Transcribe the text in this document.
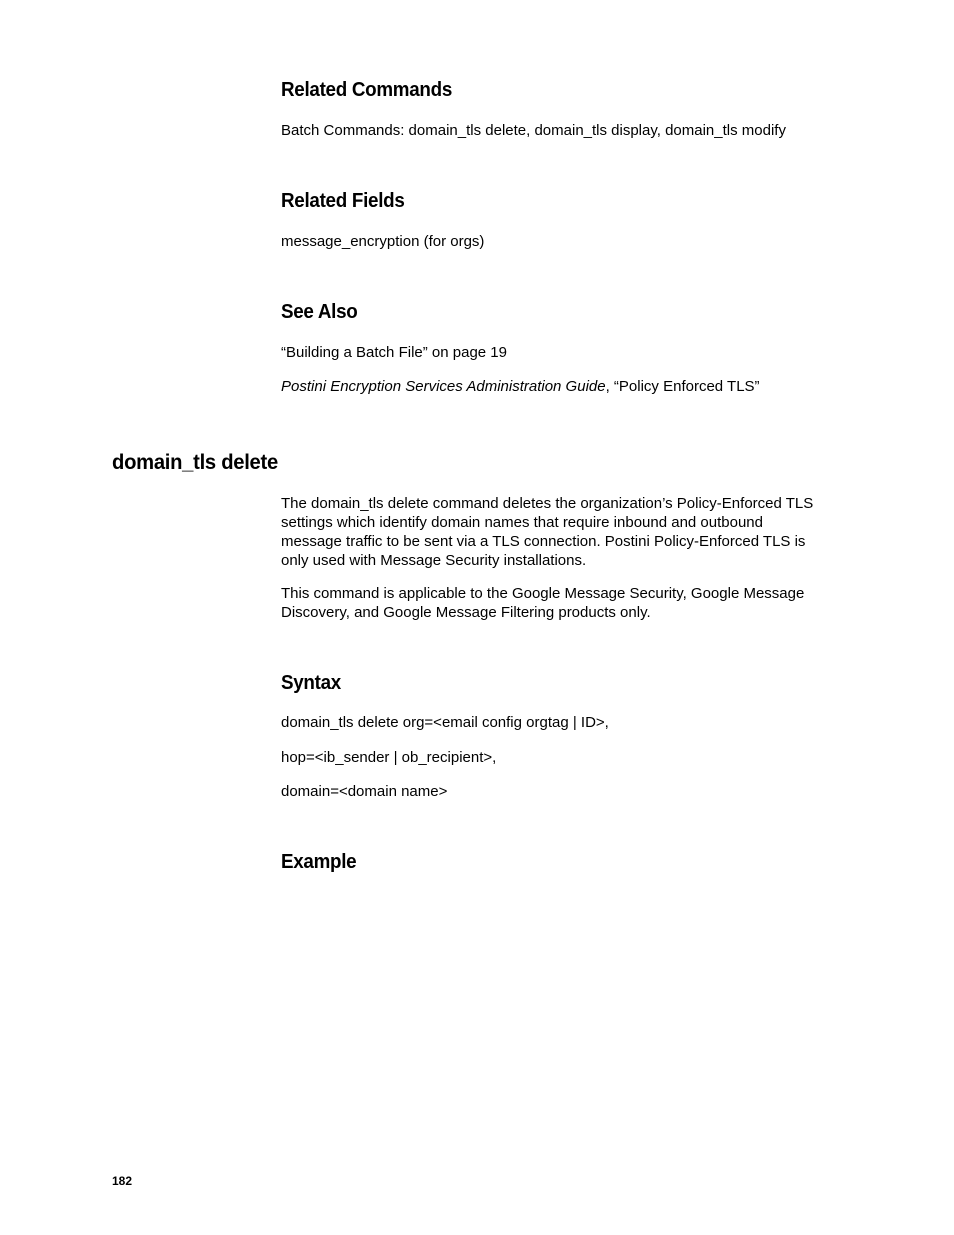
Related Commands
Batch Commands: domain_tls delete, domain_tls display, domain_tls modify
Related Fields
message_encryption (for orgs)
See Also
“Building a Batch File” on page 19
Postini Encryption Services Administration Guide, “Policy Enforced TLS”
domain_tls delete
The domain_tls delete command deletes the organization’s Policy-Enforced TLS
settings which identify domain names that require inbound and outbound
message traffic to be sent via a TLS connection. Postini Policy-Enforced TLS is
only used with Message Security installations.
This command is applicable to the Google Message Security, Google Message
Discovery, and Google Message Filtering products only.
Syntax
domain_tls delete org=<email config orgtag | ID>,
hop=<ib_sender | ob_recipient>,
domain=<domain name>
Example
182
